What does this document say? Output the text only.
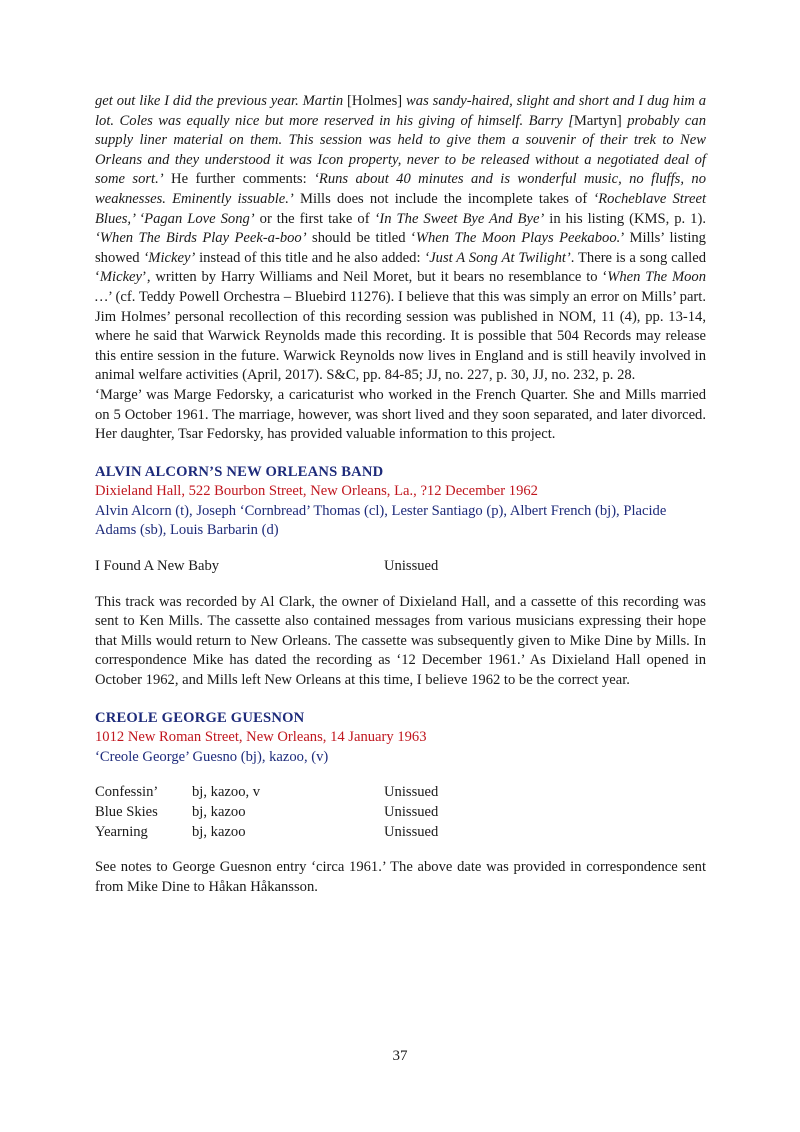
get out like I did the previous year. Martin [Holmes] was sandy-haired, slight and short and I dug him a lot. Coles was equally nice but more reserved in his giving of himself. Barry [Martyn] probably can supply liner material on them. This session was held to give them a souvenir of their trek to New Orleans and they understood it was Icon property, never to be released without a negotiated deal of some sort.’ He further comments: ‘Runs about 40 minutes and is wonderful music, no fluffs, no weaknesses. Eminently issuable.’ Mills does not include the incomplete takes of ‘Rocheblave Street Blues,’ ‘Pagan Love Song’ or the first take of ‘In The Sweet Bye And Bye’ in his listing (KMS, p. 1). ‘When The Birds Play Peek-a-boo’ should be titled ‘When The Moon Plays Peekaboo.’ Mills’ listing showed ‘Mickey’ instead of this title and he also added: ‘Just A Song At Twilight’. There is a song called ‘Mickey’, written by Harry Williams and Neil Moret, but it bears no resemblance to ‘When The Moon …’ (cf. Teddy Powell Orchestra – Bluebird 11276). I believe that this was simply an error on Mills’ part. Jim Holmes’ personal recollection of this recording session was published in NOM, 11 (4), pp. 13-14, where he said that Warwick Reynolds made this recording. It is possible that 504 Records may release this entire session in the future. Warwick Reynolds now lives in England and is still heavily involved in animal welfare activities (April, 2017). S&C, pp. 84-85; JJ, no. 227, p. 30, JJ, no. 232, p. 28.

‘Marge’ was Marge Fedorsky, a caricaturist who worked in the French Quarter. She and Mills married on 5 October 1961. The marriage, however, was short lived and they soon separated, and later divorced. Her daughter, Tsar Fedorsky, has provided valuable information to this project.

ALVIN ALCORN’S NEW ORLEANS BAND
Dixieland Hall, 522 Bourbon Street, New Orleans, La., ?12 December 1962
Alvin Alcorn (t), Joseph ‘Cornbread’ Thomas (cl), Lester Santiago (p), Albert French (bj), Placide Adams (sb), Louis Barbarin (d)
I Found A New Baby	Unissued

This track was recorded by Al Clark, the owner of Dixieland Hall, and a cassette of this recording was sent to Ken Mills. The cassette also contained messages from various musicians expressing their hope that Mills would return to New Orleans. The cassette was subsequently given to Mike Dine by Mills. In correspondence Mike has dated the recording as ‘12 December 1961.’ As Dixieland Hall opened in October 1962, and Mills left New Orleans at this time, I believe 1962 to be the correct year.

CREOLE GEORGE GUESNON
1012 New Roman Street, New Orleans, 14 January 1963
‘Creole George’ Guesno (bj), kazoo, (v)
Confessin’	bj, kazoo, v	Unissued
Blue Skies	bj, kazoo	Unissued
Yearning	bj, kazoo	Unissued

See notes to George Guesnon entry ‘circa 1961.’ The above date was provided in correspondence sent from Mike Dine to Håkan Håkansson.

37
